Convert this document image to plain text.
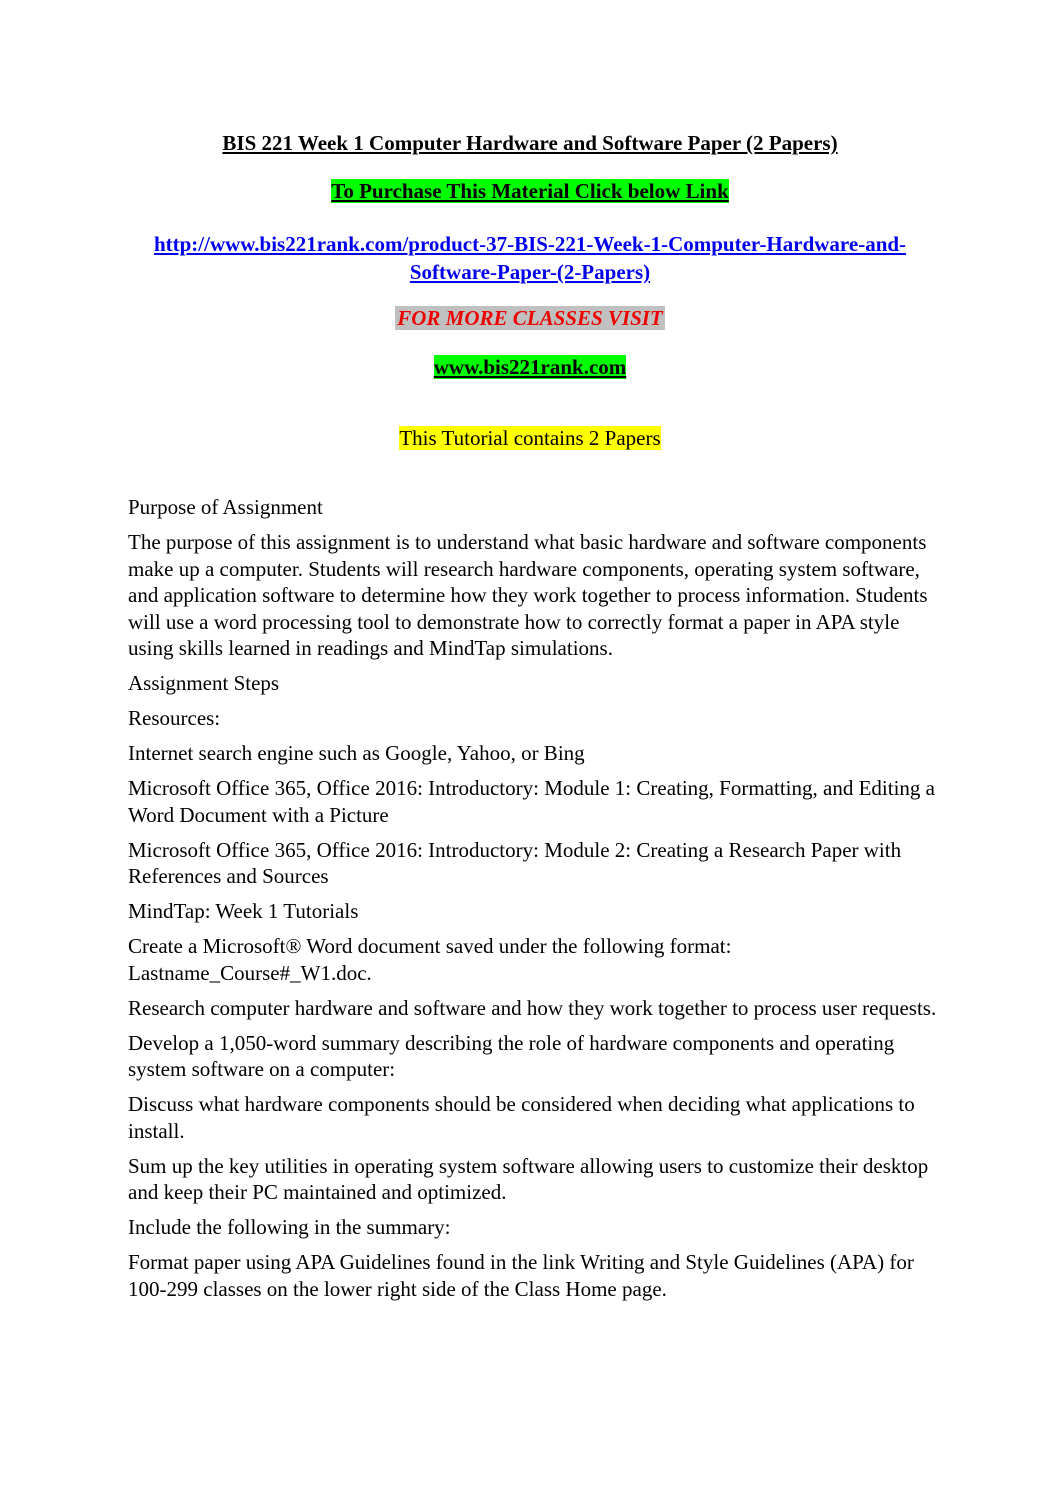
BIS 221 Week 1 Computer Hardware and Software Paper (2 Papers)
To Purchase This Material Click below Link
http://www.bis221rank.com/product-37-BIS-221-Week-1-Computer-Hardware-and-Software-Paper-(2-Papers)
FOR MORE CLASSES VISIT
www.bis221rank.com
This Tutorial contains 2 Papers

Purpose of Assignment

The purpose of this assignment is to understand what basic hardware and software components make up a computer. Students will research hardware components, operating system software, and application software to determine how they work together to process information. Students will use a word processing tool to demonstrate how to correctly format a paper in APA style using skills learned in readings and MindTap simulations.

Assignment Steps

Resources:

Internet search engine such as Google, Yahoo, or Bing

Microsoft Office 365, Office 2016: Introductory: Module 1: Creating, Formatting, and Editing a Word Document with a Picture

Microsoft Office 365, Office 2016: Introductory: Module 2: Creating a Research Paper with References and Sources

MindTap: Week 1 Tutorials

Create a Microsoft® Word document saved under the following format: Lastname_Course#_W1.doc.

Research computer hardware and software and how they work together to process user requests.

Develop a 1,050-word summary describing the role of hardware components and operating system software on a computer:

Discuss what hardware components should be considered when deciding what applications to install.

Sum up the key utilities in operating system software allowing users to customize their desktop and keep their PC maintained and optimized.

Include the following in the summary:

Format paper using APA Guidelines found in the link Writing and Style Guidelines (APA) for 100-299 classes on the lower right side of the Class Home page.
